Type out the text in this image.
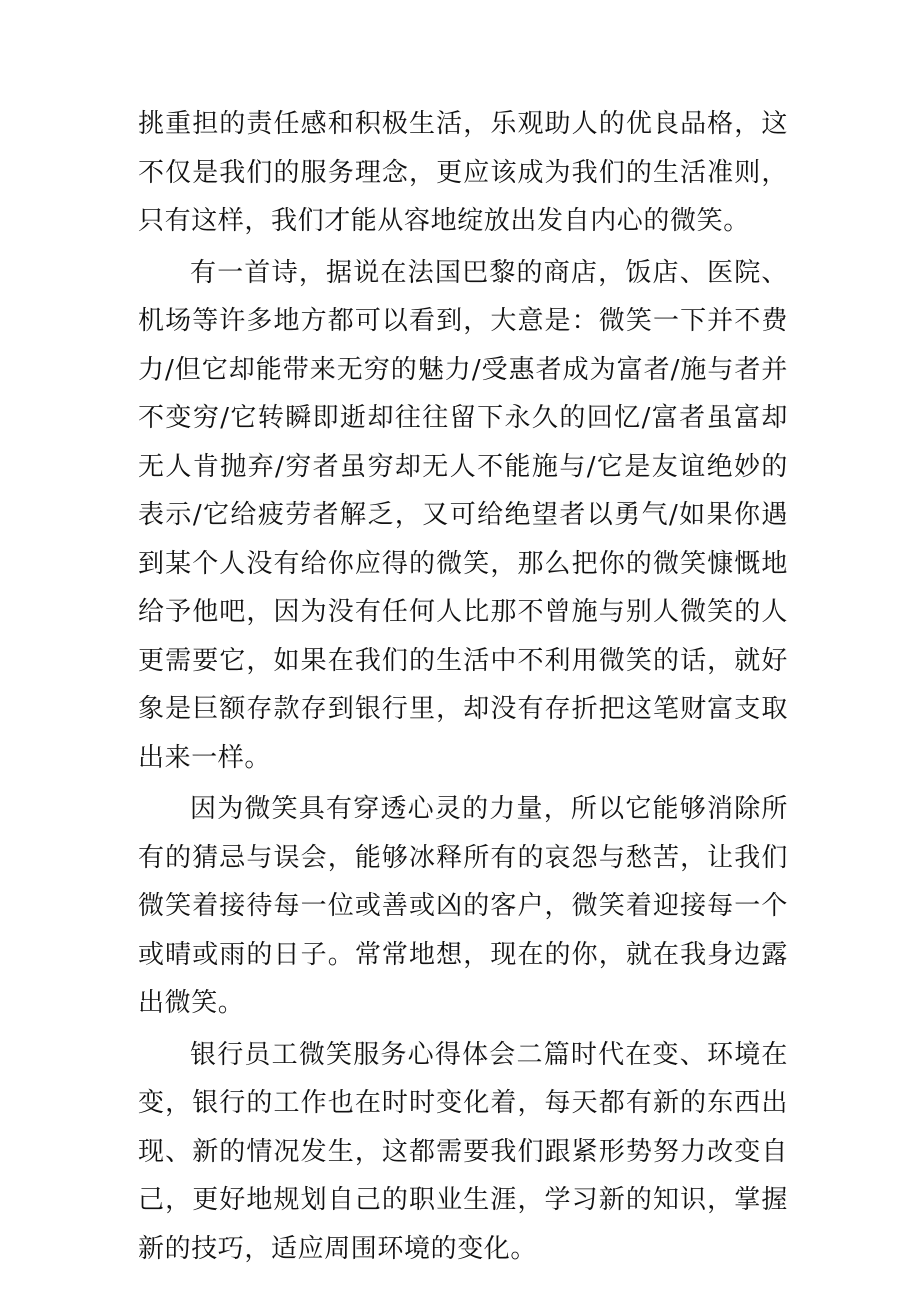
挑重担的责任感和积极生活，乐观助人的优良品格，这不仅是我们的服务理念，更应该成为我们的生活准则，只有这样，我们才能从容地绽放出发自内心的微笑。

有一首诗，据说在法国巴黎的商店，饭店、医院、机场等许多地方都可以看到，大意是：微笑一下并不费力/但它却能带来无穷的魅力/受惠者成为富者/施与者并不变穷/它转瞬即逝却往往留下永久的回忆/富者虽富却无人肯抛弃/穷者虽穷却无人不能施与/它是友谊绝妙的表示/它给疲劳者解乏，又可给绝望者以勇气/如果你遇到某个人没有给你应得的微笑，那么把你的微笑慷慨地给予他吧，因为没有任何人比那不曾施与别人微笑的人更需要它，如果在我们的生活中不利用微笑的话，就好象是巨额存款存到银行里，却没有存折把这笔财富支取出来一样。

因为微笑具有穿透心灵的力量，所以它能够消除所有的猜忌与误会，能够冰释所有的哀怨与愁苦，让我们微笑着接待每一位或善或凶的客户，微笑着迎接每一个或晴或雨的日子。常常地想，现在的你，就在我身边露出微笑。

银行员工微笑服务心得体会二篇时代在变、环境在变，银行的工作也在时时变化着，每天都有新的东西出现、新的情况发生，这都需要我们跟紧形势努力改变自己，更好地规划自己的职业生涯，学习新的知识，掌握新的技巧，适应周围环境的变化。
